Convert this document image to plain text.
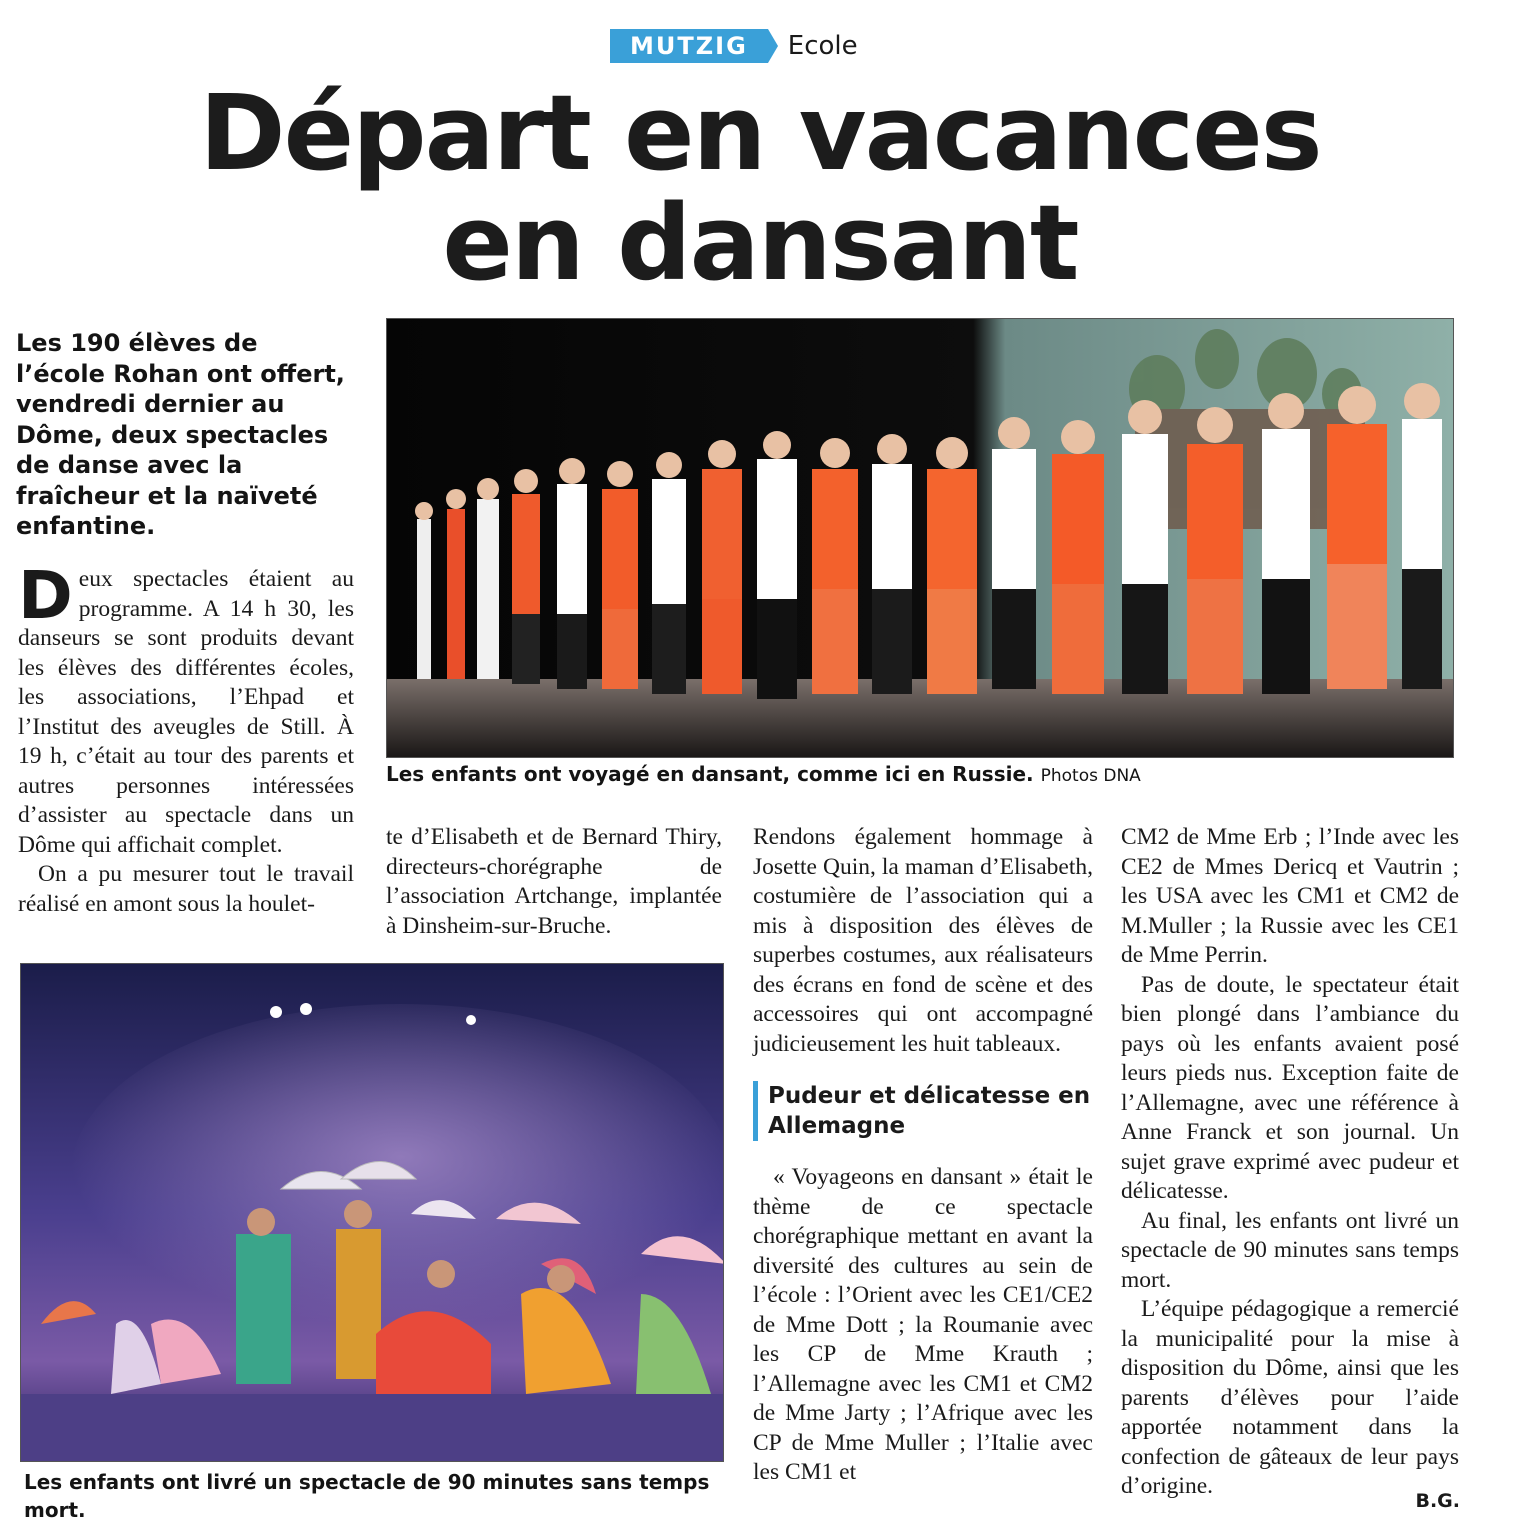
MUTZIG	Ecole
Départ en vacances
en dansant

Les 190 élèves de l’école Rohan ont offert, vendredi dernier au Dôme, deux spectacles de danse avec la fraîcheur et la naïveté enfantine.

Les enfants ont voyagé en dansant, comme ici en Russie. Photos DNA

Les enfants ont livré un spectacle de 90 minutes sans temps mort.

Deux spectacles étaient au programme. A 14 h 30, les danseurs se sont produits devant les élèves des différentes écoles, les associations, l’Ehpad et l’Institut des aveugles de Still. À 19 h, c’était au tour des parents et autres personnes intéressées d’assister au spectacle dans un Dôme qui affichait complet.

On a pu mesurer tout le travail réalisé en amont sous la houlet-

te d’Elisabeth et de Bernard Thiry, directeurs-chorégraphe de l’association Artchange, implantée à Dinsheim-sur-Bruche.

Rendons également hommage à Josette Quin, la maman d’Elisabeth, costumière de l’association qui a mis à disposition des élèves de superbes costumes, aux réalisateurs des écrans en fond de scène et des accessoires qui ont accompagné judicieusement les huit tableaux.

Pudeur et délicatesse en Allemagne

« Voyageons en dansant » était le thème de ce spectacle chorégraphique mettant en avant la diversité des cultures au sein de l’école : l’Orient avec les CE1/CE2 de Mme Dott ; la Roumanie avec les CP de Mme Krauth ; l’Allemagne avec les CM1 et CM2 de Mme Jarty ; l’Afrique avec les CP de Mme Muller ; l’Italie avec les CM1 et

CM2 de Mme Erb ; l’Inde avec les CE2 de Mmes Dericq et Vautrin ; les USA avec les CM1 et CM2 de M.Muller ; la Russie avec les CE1 de Mme Perrin.

Pas de doute, le spectateur était bien plongé dans l’ambiance du pays où les enfants avaient posé leurs pieds nus. Exception faite de l’Allemagne, avec une référence à Anne Franck et son journal. Un sujet grave exprimé avec pudeur et délicatesse.

Au final, les enfants ont livré un spectacle de 90 minutes sans temps mort.

L’équipe pédagogique a remercié la municipalité pour la mise à disposition du Dôme, ainsi que les parents d’élèves pour l’aide apportée notamment dans la confection de gâteaux de leur pays d’origine.

B.G.
